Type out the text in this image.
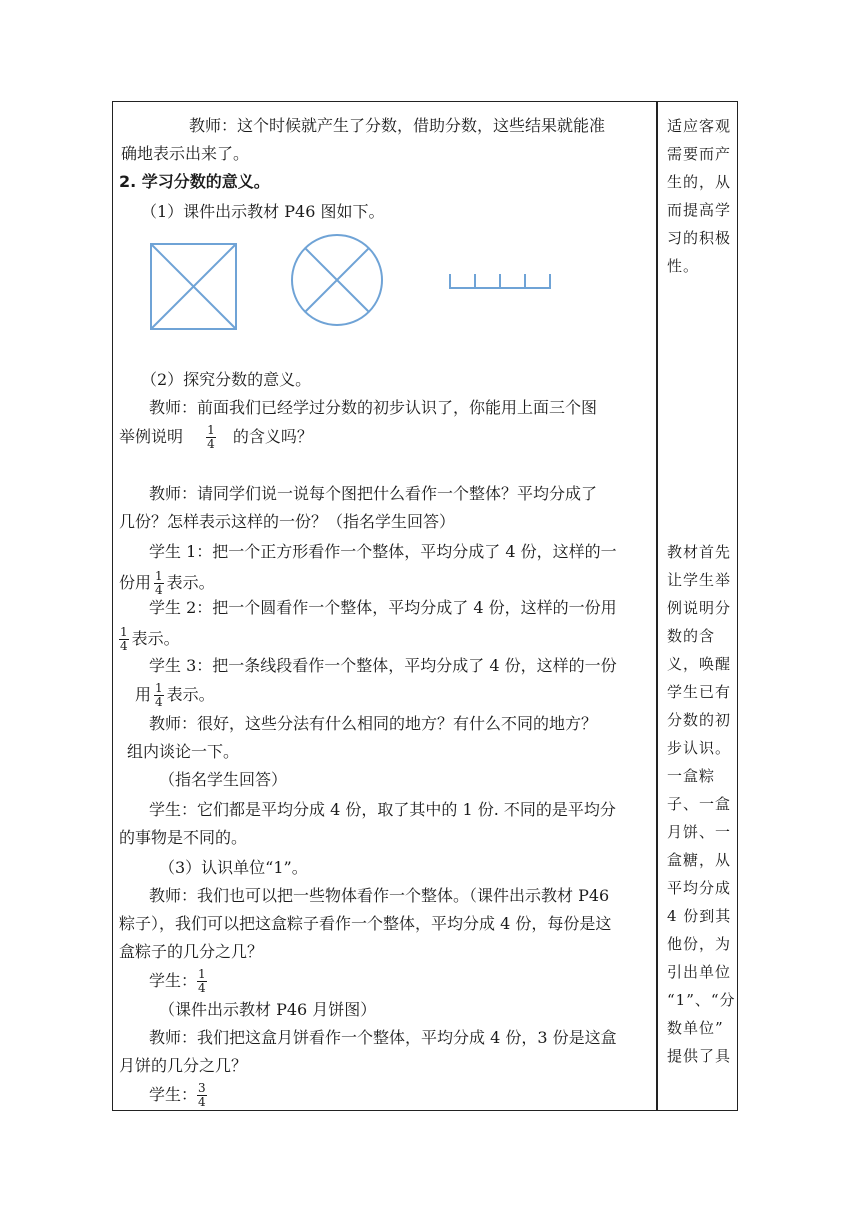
教师：这个时候就产生了分数，借助分数，这些结果就能准
确地表示出来了。
2. 学习分数的意义。
（1）课件出示教材 P46 图如下。
（2）探究分数的意义。
教师：前面我们已经学过分数的初步认识了，你能用上面三个图
举例说明 $\frac{1}{4}$ 的含义吗？
教师：请同学们说一说每个图把什么看作一个整体？平均分成了
几份？怎样表示这样的一份？（指名学生回答）
学生 1：把一个正方形看作一个整体，平均分成了 4 份，这样的一
份用 $\frac{1}{4}$ 表示。
学生 2：把一个圆看作一个整体，平均分成了 4 份，这样的一份用
$\frac{1}{4}$ 表示。
学生 3：把一条线段看作一个整体，平均分成了 4 份，这样的一份
用 $\frac{1}{4}$ 表示。
教师：很好，这些分法有什么相同的地方？有什么不同的地方？
组内谈论一下。
（指名学生回答）
学生：它们都是平均分成 4 份，取了其中的 1 份. 不同的是平均分
的事物是不同的。
（3）认识单位“1”。
教师：我们也可以把一些物体看作一个整体。（课件出示教材 P46
粽子），我们可以把这盒粽子看作一个整体，平均分成 4 份，每份是这
盒粽子的几分之几？
学生： $\frac{1}{4}$
（课件出示教材 P46 月饼图）
教师：我们把这盒月饼看作一个整体，平均分成 4 份，3 份是这盒
月饼的几分之几？
学生： $\frac{3}{4}$
适应客观
需要而产
生的，从
而提高学
习的积极
性。
教材首先
让学生举
例说明分
数的含
义，唤醒
学生已有
分数的初
步认识。
一盒粽
子、一盒
月饼、一
盒糖，从
平均分成
4 份到其
他份，为
引出单位
“1”、“分
数单位”
提供了具
